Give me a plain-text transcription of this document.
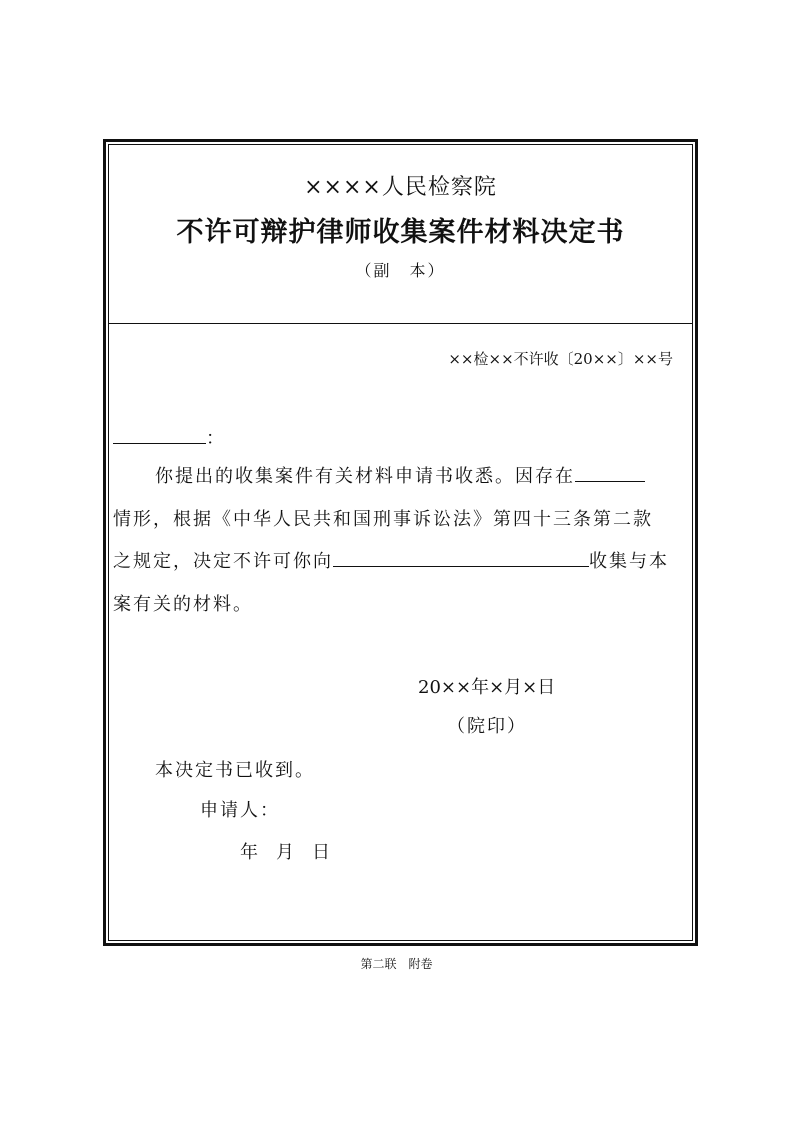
××××人民检察院
不许可辩护律师收集案件材料决定书
（副　本）
××检××不许收〔20××〕××号
：
你提出的收集案件有关材料申请书收悉。因存在
情形，根据《中华人民共和国刑事诉讼法》第四十三条第二款
之规定，决定不许可你向	收集与本
案有关的材料。
20××年×月×日
（院印）
本决定书已收到。
申请人：
年　月　日
第二联　附卷
